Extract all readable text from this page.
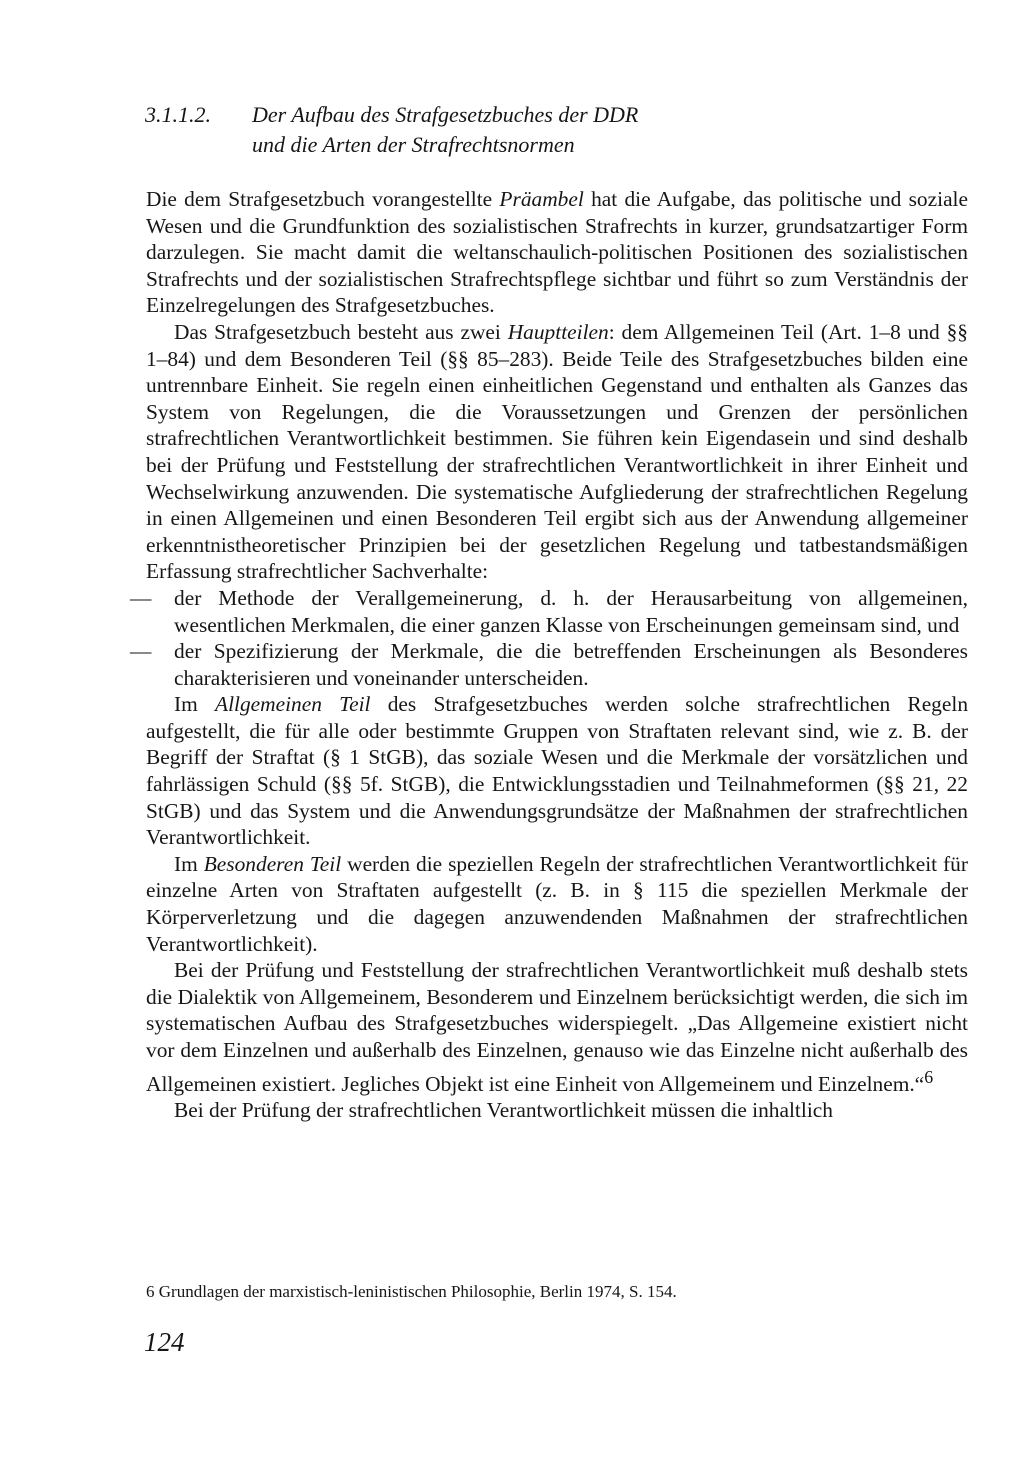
3.1.1.2.	Der Aufbau des Strafgesetzbuches der DDR
und die Arten der Strafrechtsnormen

Die dem Strafgesetzbuch vorangestellte Präambel hat die Aufgabe, das politische und soziale Wesen und die Grundfunktion des sozialistischen Strafrechts in kurzer, grundsatzartiger Form darzulegen. Sie macht damit die weltanschaulich-politischen Positionen des sozialistischen Strafrechts und der sozialistischen Strafrechtspflege sichtbar und führt so zum Verständnis der Einzelregelungen des Strafgesetzbuches.

Das Strafgesetzbuch besteht aus zwei Hauptteilen: dem Allgemeinen Teil (Art. 1–8 und §§ 1–84) und dem Besonderen Teil (§§ 85–283). Beide Teile des Strafgesetzbuches bilden eine untrennbare Einheit. Sie regeln einen einheitlichen Gegenstand und enthalten als Ganzes das System von Regelungen, die die Voraussetzungen und Grenzen der persönlichen strafrechtlichen Verantwortlichkeit bestimmen. Sie führen kein Eigendasein und sind deshalb bei der Prüfung und Feststellung der strafrechtlichen Verantwortlichkeit in ihrer Einheit und Wechselwirkung anzuwenden. Die systematische Aufgliederung der strafrechtlichen Regelung in einen Allgemeinen und einen Besonderen Teil ergibt sich aus der Anwendung allgemeiner erkenntnistheoretischer Prinzipien bei der gesetzlichen Regelung und tatbestandsmäßigen Erfassung strafrechtlicher Sachverhalte:

—	der Methode der Verallgemeinerung, d. h. der Herausarbeitung von allgemeinen, wesentlichen Merkmalen, die einer ganzen Klasse von Erscheinungen gemeinsam sind, und
—	der Spezifizierung der Merkmale, die die betreffenden Erscheinungen als Besonderes charakterisieren und voneinander unterscheiden.

Im Allgemeinen Teil des Strafgesetzbuches werden solche strafrechtlichen Regeln aufgestellt, die für alle oder bestimmte Gruppen von Straftaten relevant sind, wie z. B. der Begriff der Straftat (§ 1 StGB), das soziale Wesen und die Merkmale der vorsätzlichen und fahrlässigen Schuld (§§ 5f. StGB), die Entwicklungsstadien und Teilnahmeformen (§§ 21, 22 StGB) und das System und die Anwendungsgrundsätze der Maßnahmen der strafrechtlichen Verantwortlichkeit.

Im Besonderen Teil werden die speziellen Regeln der strafrechtlichen Verantwortlichkeit für einzelne Arten von Straftaten aufgestellt (z. B. in § 115 die speziellen Merkmale der Körperverletzung und die dagegen anzuwendenden Maßnahmen der strafrechtlichen Verantwortlichkeit).

Bei der Prüfung und Feststellung der strafrechtlichen Verantwortlichkeit muß deshalb stets die Dialektik von Allgemeinem, Besonderem und Einzelnem berücksichtigt werden, die sich im systematischen Aufbau des Strafgesetzbuches widerspiegelt. „Das Allgemeine existiert nicht vor dem Einzelnen und außerhalb des Einzelnen, genauso wie das Einzelne nicht außerhalb des Allgemeinen existiert. Jegliches Objekt ist eine Einheit von Allgemeinem und Einzelnem.“$^6$

Bei der Prüfung der strafrechtlichen Verantwortlichkeit müssen die inhaltlich

6 Grundlagen der marxistisch-leninistischen Philosophie, Berlin 1974, S. 154.
124
